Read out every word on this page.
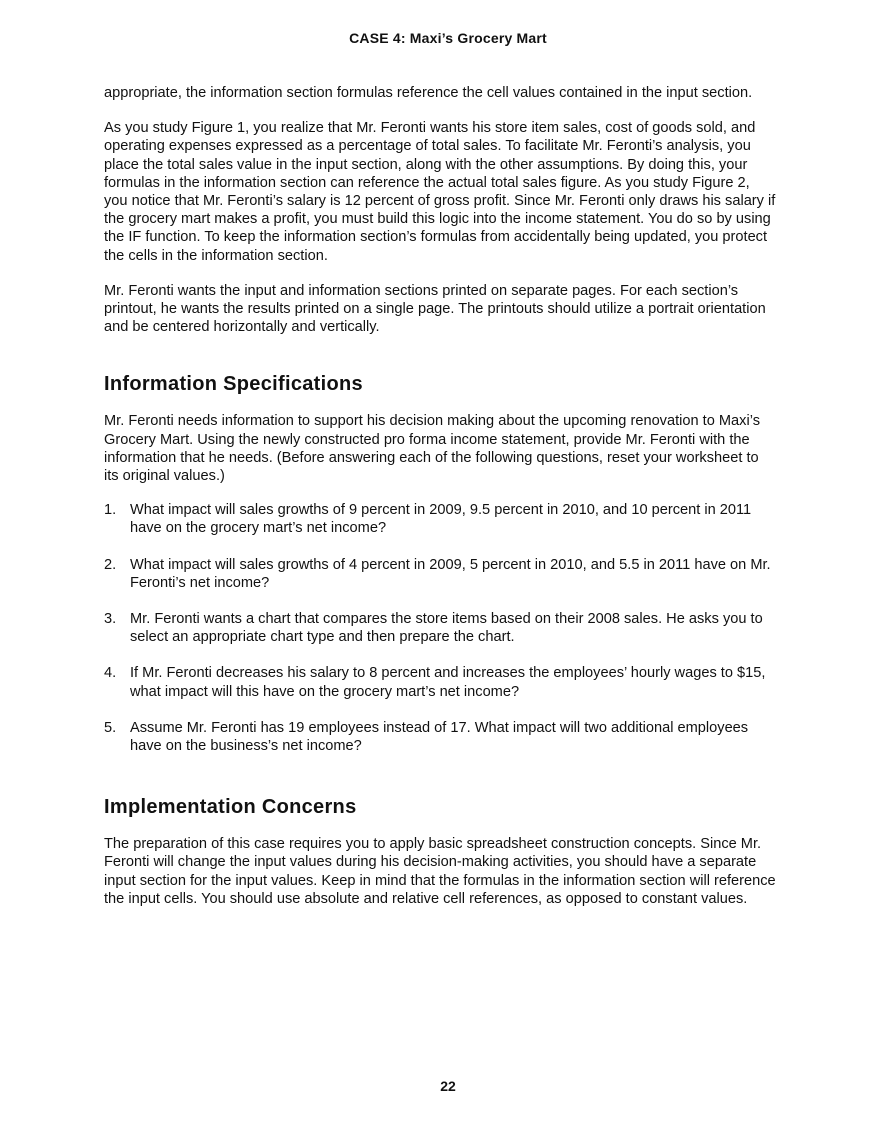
CASE 4: Maxi’s Grocery Mart

appropriate, the information section formulas reference the cell values contained in the input section.

As you study Figure 1, you realize that Mr. Feronti wants his store item sales, cost of goods sold, and operating expenses expressed as a percentage of total sales. To facilitate Mr. Feronti’s analysis, you place the total sales value in the input section, along with the other assumptions. By doing this, your formulas in the information section can reference the actual total sales figure. As you study Figure 2, you notice that Mr. Feronti’s salary is 12 percent of gross profit. Since Mr. Feronti only draws his salary if the grocery mart makes a profit, you must build this logic into the income statement. You do so by using the IF function. To keep the information section’s formulas from accidentally being updated, you protect the cells in the information section.

Mr. Feronti wants the input and information sections printed on separate pages. For each section’s printout, he wants the results printed on a single page. The printouts should utilize a portrait orientation and be centered horizontally and vertically.

Information Specifications

Mr. Feronti needs information to support his decision making about the upcoming renovation to Maxi’s Grocery Mart. Using the newly constructed pro forma income statement, provide Mr. Feronti with the information that he needs. (Before answering each of the following questions, reset your worksheet to its original values.)

1. What impact will sales growths of 9 percent in 2009, 9.5 percent in 2010, and 10 percent in 2011 have on the grocery mart’s net income?
2. What impact will sales growths of 4 percent in 2009, 5 percent in 2010, and 5.5 in 2011 have on Mr. Feronti’s net income?
3. Mr. Feronti wants a chart that compares the store items based on their 2008 sales. He asks you to select an appropriate chart type and then prepare the chart.
4. If Mr. Feronti decreases his salary to 8 percent and increases the employees’ hourly wages to $15, what impact will this have on the grocery mart’s net income?
5. Assume Mr. Feronti has 19 employees instead of 17. What impact will two additional employees have on the business’s net income?
Implementation Concerns

The preparation of this case requires you to apply basic spreadsheet construction concepts. Since Mr. Feronti will change the input values during his decision-making activities, you should have a separate input section for the input values. Keep in mind that the formulas in the information section will reference the input cells. You should use absolute and relative cell references, as opposed to constant values.

22
